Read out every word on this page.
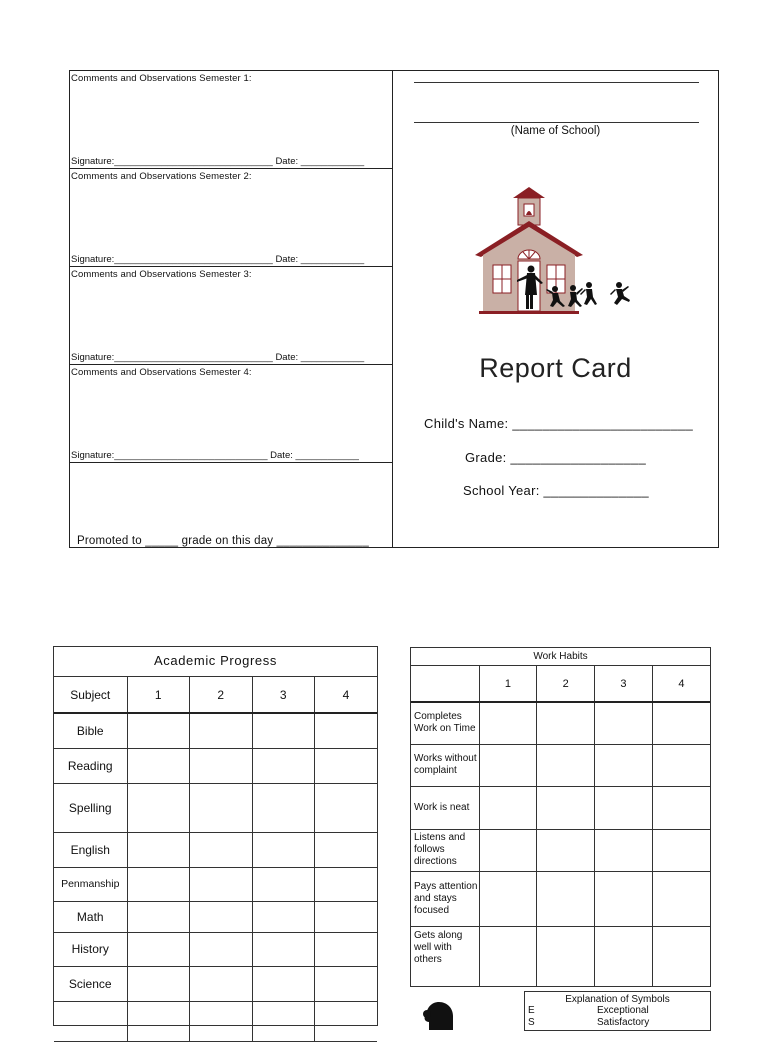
Comments and Observations Semester 1:
Signature:______________________________ Date: ____________
Comments and Observations Semester 2:
Signature:______________________________ Date: ____________
Comments and Observations Semester 3:
Signature:______________________________ Date: ____________
Comments and Observations Semester 4:
Signature:_____________________________ Date: ____________
Promoted to _____ grade on this day ______________
(Name of School)
Report Card
Child's Name: ________________________
Grade: __________________
School Year: ______________
Academic Progress
Subject	1	2	3	4
Bible				
Reading				
Spelling				
English				
Penmanship				
Math				
History				
Science				

Work Habits
	1	2	3	4
Completes Work on Time				
Works without complaint				
Work is neat				
Listens and follows directions				
Pays attention and stays focused				
Gets along well with others				
Explanation of Symbols
E	Exceptional
S	Satisfactory
